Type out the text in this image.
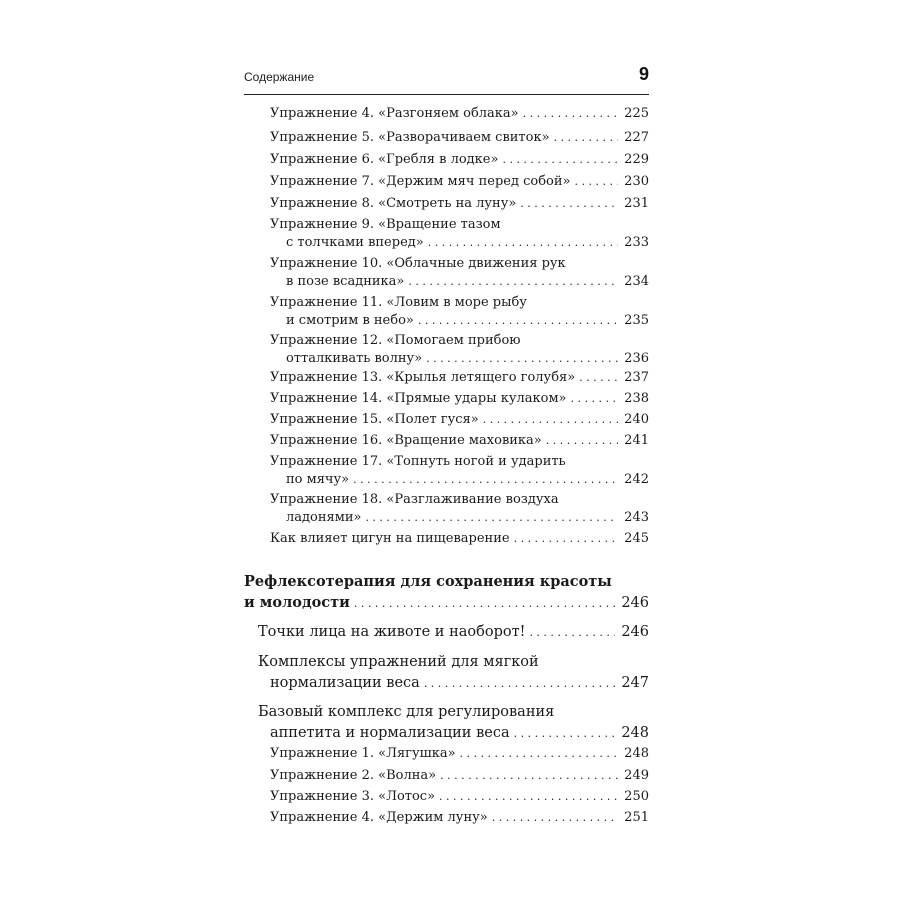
Содержание	9
Упражнение 4. «Разгоняем облака» . . .	225
Упражнение 5. «Разворачиваем свиток» . . .	227
Упражнение 6. «Гребля в лодке» . . .	229
Упражнение 7. «Держим мяч перед собой» . . .	230
Упражнение 8. «Смотреть на луну» . . .	231
Упражнение 9. «Вращение тазом
с толчками вперед» . . .	233
Упражнение 10. «Облачные движения рук
в позе всадника» . . .	234
Упражнение 11. «Ловим в море рыбу
и смотрим в небо» . . .	235
Упражнение 12. «Помогаем прибою
отталкивать волну» . . .	236
Упражнение 13. «Крылья летящего голубя» . . .	237
Упражнение 14. «Прямые удары кулаком» . . .	238
Упражнение 15. «Полет гуся» . . .	240
Упражнение 16. «Вращение маховика» . . .	241
Упражнение 17. «Топнуть ногой и ударить
по мячу» . . .	242
Упражнение 18. «Разглаживание воздуха
ладонями» . . .	243
Как влияет цигун на пищеварение . . .	245
Рефлексотерапия для сохранения красоты
и молодости . . .	246
Точки лица на животе и наоборот! . . .	246
Комплексы упражнений для мягкой
нормализации веса . . .	247
Базовый комплекс для регулирования
аппетита и нормализации веса . . .	248
Упражнение 1. «Лягушка» . . .	248
Упражнение 2. «Волна» . . .	249
Упражнение 3. «Лотос» . . .	250
Упражнение 4. «Держим луну» . . .	251
